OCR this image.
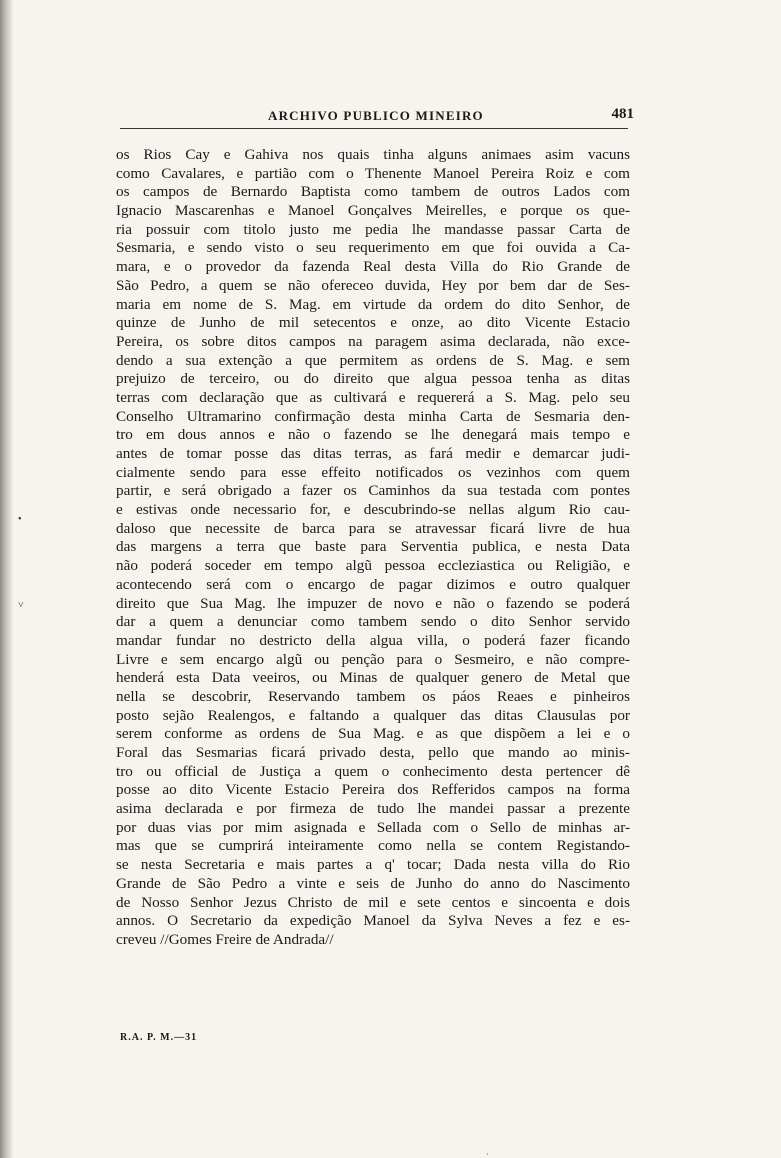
ARCHIVO PUBLICO MINEIRO	481
os Rios Cay e Gahiva nos quais tinha alguns animaes asim vacuns
como Cavalares, e partião com o Thenente Manoel Pereira Roiz e com
os campos de Bernardo Baptista como tambem de outros Lados com
Ignacio Mascarenhas e Manoel Gonçalves Meirelles, e porque os que-
ria possuir com titolo justo me pedia lhe mandasse passar Carta de
Sesmaria, e sendo visto o seu requerimento em que foi ouvida a Ca-
mara, e o provedor da fazenda Real desta Villa do Rio Grande de
São Pedro, a quem se não ofereceo duvida, Hey por bem dar de Ses-
maria em nome de S. Mag. em virtude da ordem do dito Senhor, de
quinze de Junho de mil setecentos e onze, ao dito Vicente Estacio
Pereira, os sobre ditos campos na paragem asima declarada, não exce-
dendo a sua extenção a que permitem as ordens de S. Mag. e sem
prejuizo de terceiro, ou do direito que algua pessoa tenha as ditas
terras com declaração que as cultivará e requererá a S. Mag. pelo seu
Conselho Ultramarino confirmação desta minha Carta de Sesmaria den-
tro em dous annos e não o fazendo se lhe denegará mais tempo e
antes de tomar posse das ditas terras, as fará medir e demarcar judi-
cialmente sendo para esse effeito notificados os vezinhos com quem
partir, e será obrigado a fazer os Caminhos da sua testada com pontes
e estivas onde necessario for, e descubrindo-se nellas algum Rio cau-
daloso que necessite de barca para se atravessar ficará livre de hua
das margens a terra que baste para Serventia publica, e nesta Data
não poderá soceder em tempo algũ pessoa eccleziastica ou Religião, e
acontecendo será com o encargo de pagar dizimos e outro qualquer
direito que Sua Mag. lhe impuzer de novo e não o fazendo se poderá
dar a quem a denunciar como tambem sendo o dito Senhor servido
mandar fundar no destricto della algua villa, o poderá fazer ficando
Livre e sem encargo algũ ou penção para o Sesmeiro, e não compre-
henderá esta Data veeiros, ou Minas de qualquer genero de Metal que
nella se descobrir, Reservando tambem os páos Reaes e pinheiros
posto sejão Realengos, e faltando a qualquer das ditas Clausulas por
serem conforme as ordens de Sua Mag. e as que dispõem a lei e o
Foral das Sesmarias ficará privado desta, pello que mando ao minis-
tro ou official de Justiça a quem o conhecimento desta pertencer dê
posse ao dito Vicente Estacio Pereira dos Refferidos campos na forma
asima declarada e por firmeza de tudo lhe mandei passar a prezente
por duas vias por mim asignada e Sellada com o Sello de minhas ar-
mas que se cumprirá inteiramente como nella se contem Registando-
se nesta Secretaria e mais partes a q' tocar; Dada nesta villa do Rio
Grande de São Pedro a vinte e seis de Junho do anno do Nascimento
de Nosso Senhor Jezus Christo de mil e sete centos e sincoenta e dois
annos. O Secretario da expedição Manoel da Sylva Neves a fez e es-
creveu //Gomes Freire de Andrada//
R.A. P. M.—31
•
˅
·
